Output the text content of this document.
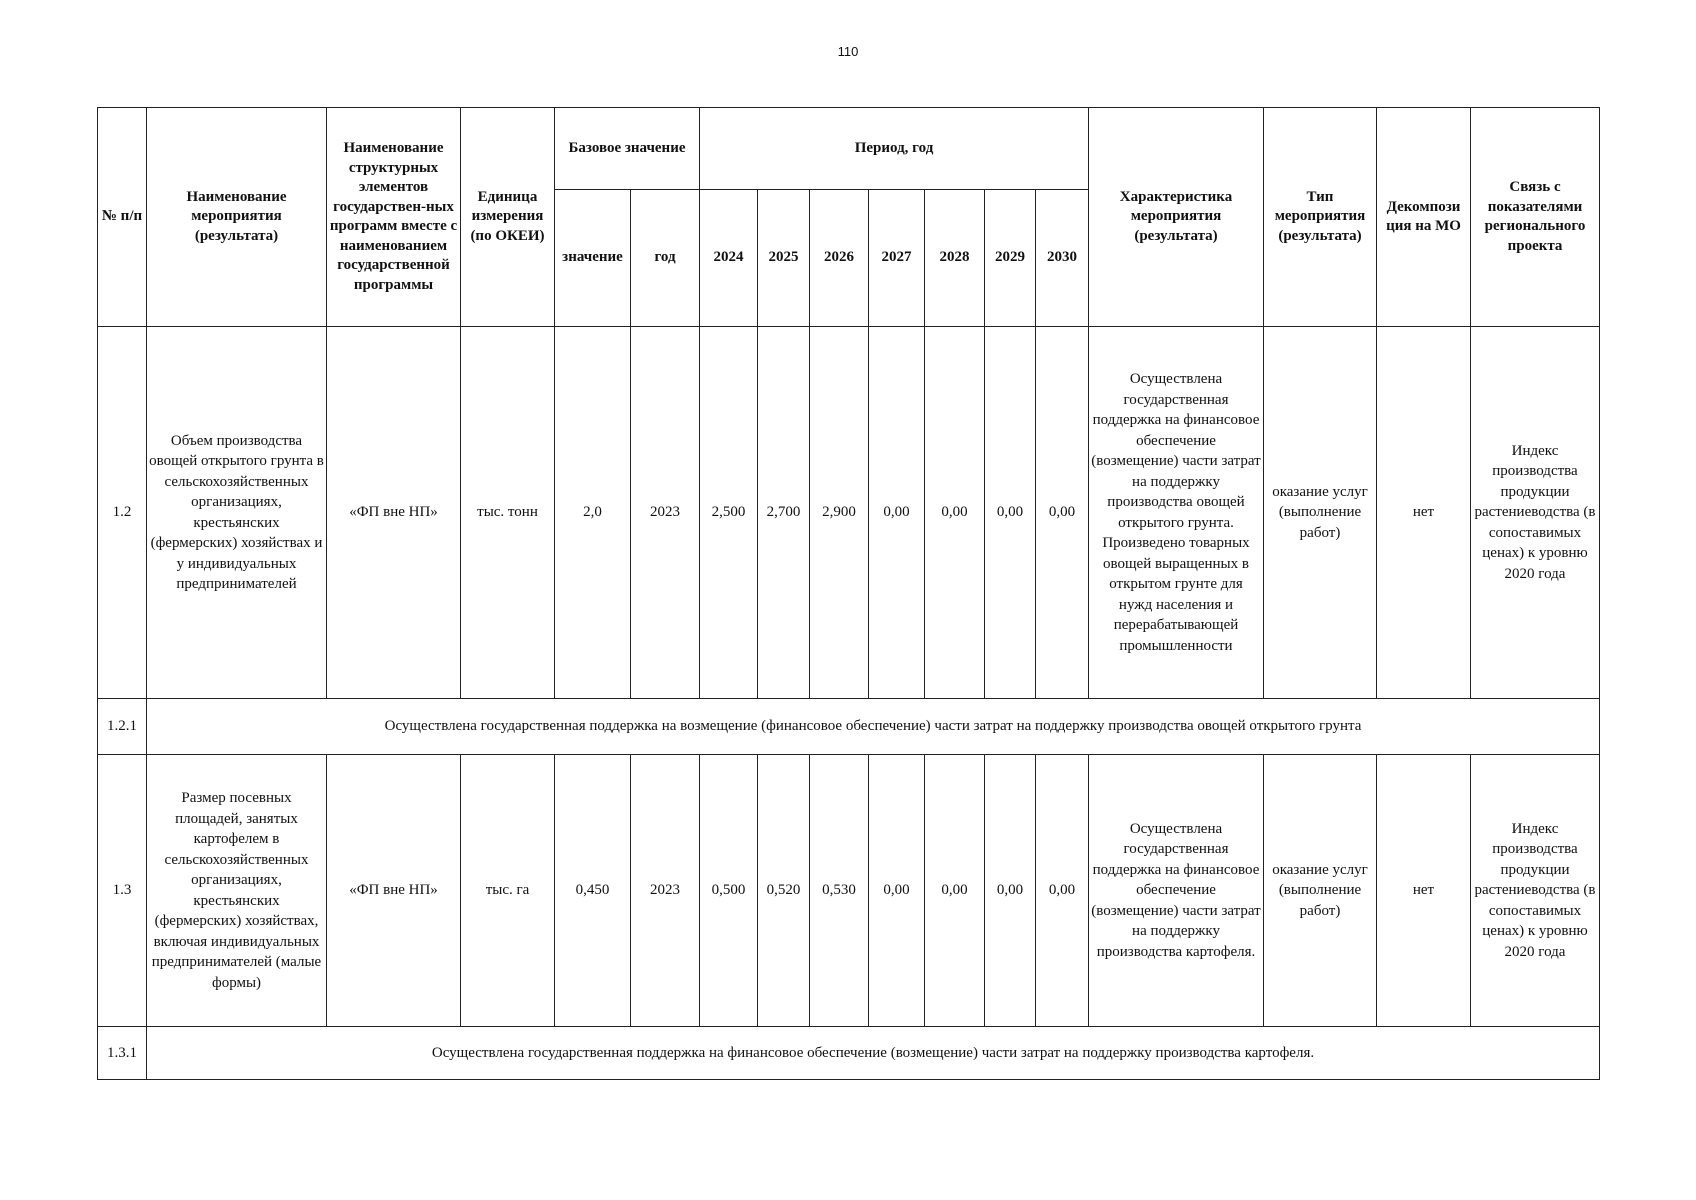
110
№ п/п	Наименование мероприятия (результата)	Наименование структурных элементов государствен-ных программ вместе с наименованием государственной программы	Единица измерения (по ОКЕИ)	Базовое значение		Период, год							Характеристика мероприятия (результата)	Тип мероприятия (результата)	Декомпози ция на МО	Связь с показателями регионального проекта
				значение	год	2024	2025	2026	2027	2028	2029	2030				
1.2	Объем производства овощей открытого грунта в сельскохозяйственных организациях, крестьянских (фермерских) хозяйствах и у индивидуальных предпринимателей	«ФП вне НП»	тыс. тонн	2,0	2023	2,500	2,700	2,900	0,00	0,00	0,00	0,00	Осуществлена государственная поддержка на финансовое обеспечение (возмещение) части затрат на поддержку производства овощей открытого грунта. Произведено товарных овощей выращенных в открытом грунте для нужд населения и перерабатывающей промышленности	оказание услуг (выполнение работ)	нет	Индекс производства продукции растениеводства (в сопоставимых ценах) к уровню 2020 года
1.2.1	Осуществлена государственная поддержка на возмещение (финансовое обеспечение) части затрат на поддержку производства овощей открытого грунта															
1.3	Размер посевных площадей, занятых картофелем в сельскохозяйственных организациях, крестьянских (фермерских) хозяйствах, включая индивидуальных предпринимателей (малые формы)	«ФП вне НП»	тыс. га	0,450	2023	0,500	0,520	0,530	0,00	0,00	0,00	0,00	Осуществлена государственная поддержка на финансовое обеспечение (возмещение) части затрат на поддержку производства картофеля.	оказание услуг (выполнение работ)	нет	Индекс производства продукции растениеводства (в сопоставимых ценах) к уровню 2020 года
1.3.1	Осуществлена государственная поддержка на финансовое обеспечение (возмещение) части затрат на поддержку производства картофеля.															
